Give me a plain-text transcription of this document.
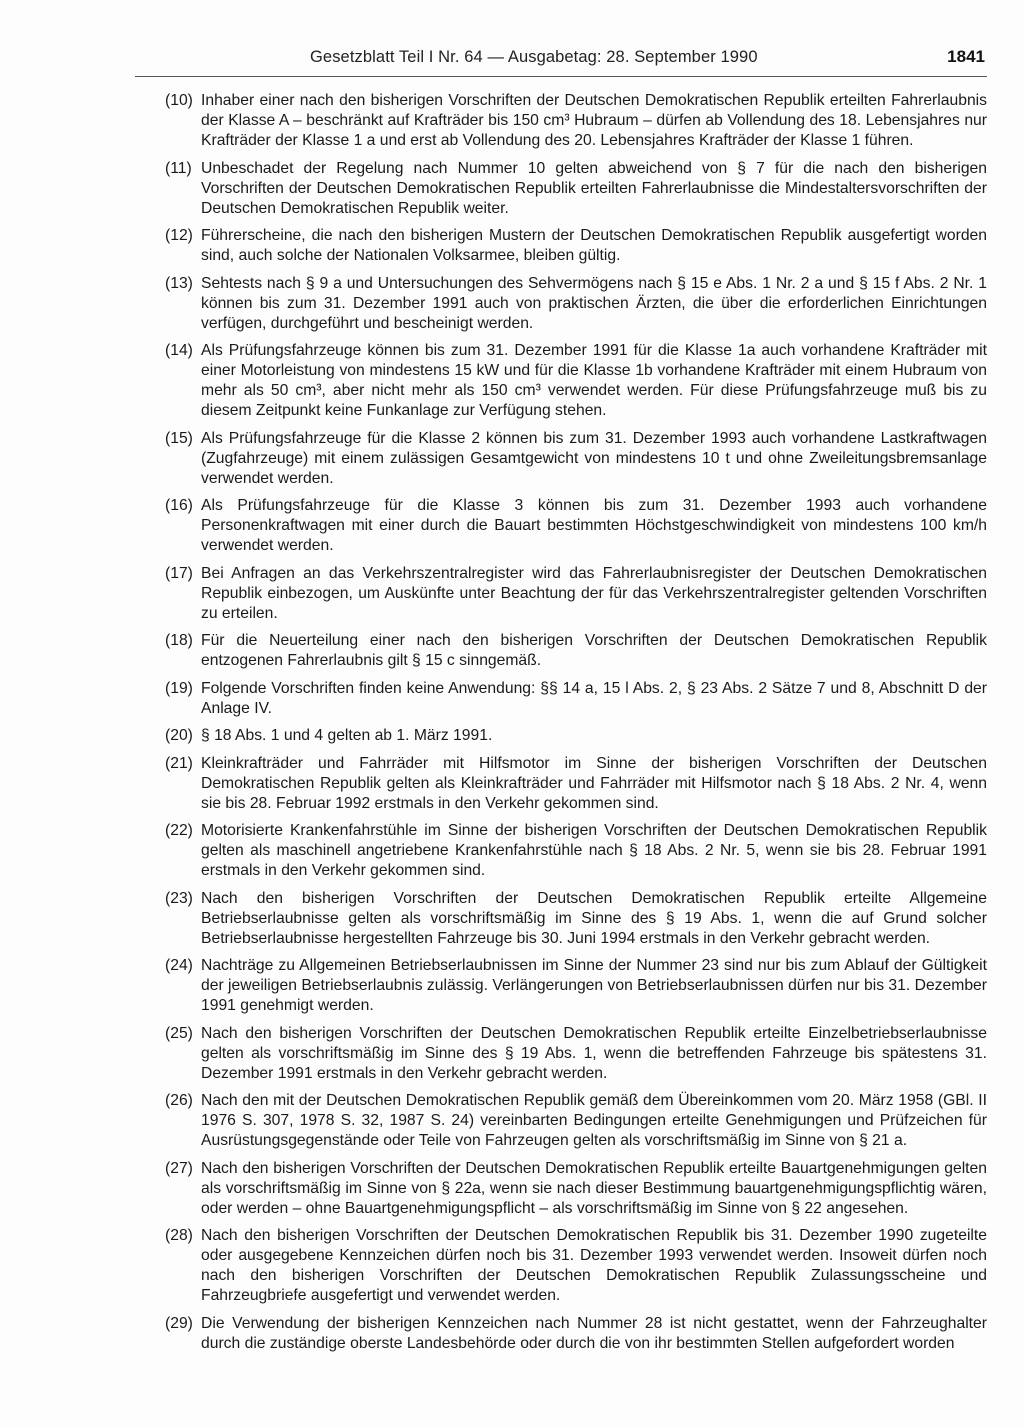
Gesetzblatt Teil I Nr. 64 — Ausgabetag: 28. September 1990	1841
(10) Inhaber einer nach den bisherigen Vorschriften der Deutschen Demokratischen Republik erteilten Fahrerlaubnis der Klasse A – beschränkt auf Krafträder bis 150 cm³ Hubraum – dürfen ab Vollendung des 18. Lebensjahres nur Krafträder der Klasse 1 a und erst ab Vollendung des 20. Lebensjahres Krafträder der Klasse 1 führen.
(11) Unbeschadet der Regelung nach Nummer 10 gelten abweichend von § 7 für die nach den bisherigen Vorschriften der Deutschen Demokratischen Republik erteilten Fahrerlaubnisse die Mindestaltersvorschriften der Deutschen Demokratischen Republik weiter.
(12) Führerscheine, die nach den bisherigen Mustern der Deutschen Demokratischen Republik ausgefertigt worden sind, auch solche der Nationalen Volksarmee, bleiben gültig.
(13) Sehtests nach § 9 a und Untersuchungen des Sehvermögens nach § 15 e Abs. 1 Nr. 2 a und § 15 f Abs. 2 Nr. 1 können bis zum 31. Dezember 1991 auch von praktischen Ärzten, die über die erforderlichen Einrichtungen verfügen, durchgeführt und bescheinigt werden.
(14) Als Prüfungsfahrzeuge können bis zum 31. Dezember 1991 für die Klasse 1a auch vorhandene Krafträder mit einer Motorleistung von mindestens 15 kW und für die Klasse 1b vorhandene Krafträder mit einem Hubraum von mehr als 50 cm³, aber nicht mehr als 150 cm³ verwendet werden. Für diese Prüfungsfahrzeuge muß bis zu diesem Zeitpunkt keine Funkanlage zur Verfügung stehen.
(15) Als Prüfungsfahrzeuge für die Klasse 2 können bis zum 31. Dezember 1993 auch vorhandene Lastkraftwagen (Zugfahrzeuge) mit einem zulässigen Gesamtgewicht von mindestens 10 t und ohne Zweileitungsbremsanlage verwendet werden.
(16) Als Prüfungsfahrzeuge für die Klasse 3 können bis zum 31. Dezember 1993 auch vorhandene Personenkraftwagen mit einer durch die Bauart bestimmten Höchstgeschwindigkeit von mindestens 100 km/h verwendet werden.
(17) Bei Anfragen an das Verkehrszentralregister wird das Fahrerlaubnisregister der Deutschen Demokratischen Republik einbezogen, um Auskünfte unter Beachtung der für das Verkehrszentralregister geltenden Vorschriften zu erteilen.
(18) Für die Neuerteilung einer nach den bisherigen Vorschriften der Deutschen Demokratischen Republik entzogenen Fahrerlaubnis gilt § 15 c sinngemäß.
(19) Folgende Vorschriften finden keine Anwendung: §§ 14 a, 15 l Abs. 2, § 23 Abs. 2 Sätze 7 und 8, Abschnitt D der Anlage IV.
(20) § 18 Abs. 1 und 4 gelten ab 1. März 1991.
(21) Kleinkrafträder und Fahrräder mit Hilfsmotor im Sinne der bisherigen Vorschriften der Deutschen Demokratischen Republik gelten als Kleinkrafträder und Fahrräder mit Hilfsmotor nach § 18 Abs. 2 Nr. 4, wenn sie bis 28. Februar 1992 erstmals in den Verkehr gekommen sind.
(22) Motorisierte Krankenfahrstühle im Sinne der bisherigen Vorschriften der Deutschen Demokratischen Republik gelten als maschinell angetriebene Krankenfahrstühle nach § 18 Abs. 2 Nr. 5, wenn sie bis 28. Februar 1991 erstmals in den Verkehr gekommen sind.
(23) Nach den bisherigen Vorschriften der Deutschen Demokratischen Republik erteilte Allgemeine Betriebserlaubnisse gelten als vorschriftsmäßig im Sinne des § 19 Abs. 1, wenn die auf Grund solcher Betriebserlaubnisse hergestellten Fahrzeuge bis 30. Juni 1994 erstmals in den Verkehr gebracht werden.
(24) Nachträge zu Allgemeinen Betriebserlaubnissen im Sinne der Nummer 23 sind nur bis zum Ablauf der Gültigkeit der jeweiligen Betriebserlaubnis zulässig. Verlängerungen von Betriebserlaubnissen dürfen nur bis 31. Dezember 1991 genehmigt werden.
(25) Nach den bisherigen Vorschriften der Deutschen Demokratischen Republik erteilte Einzelbetriebserlaubnisse gelten als vorschriftsmäßig im Sinne des § 19 Abs. 1, wenn die betreffenden Fahrzeuge bis spätestens 31. Dezember 1991 erstmals in den Verkehr gebracht werden.
(26) Nach den mit der Deutschen Demokratischen Republik gemäß dem Übereinkommen vom 20. März 1958 (GBl. II 1976 S. 307, 1978 S. 32, 1987 S. 24) vereinbarten Bedingungen erteilte Genehmigungen und Prüfzeichen für Ausrüstungsgegenstände oder Teile von Fahrzeugen gelten als vorschriftsmäßig im Sinne von § 21 a.
(27) Nach den bisherigen Vorschriften der Deutschen Demokratischen Republik erteilte Bauartgenehmigungen gelten als vorschriftsmäßig im Sinne von § 22a, wenn sie nach dieser Bestimmung bauartgenehmigungspflichtig wären, oder werden – ohne Bauartgenehmigungspflicht – als vorschriftsmäßig im Sinne von § 22 angesehen.
(28) Nach den bisherigen Vorschriften der Deutschen Demokratischen Republik bis 31. Dezember 1990 zugeteilte oder ausgegebene Kennzeichen dürfen noch bis 31. Dezember 1993 verwendet werden. Insoweit dürfen noch nach den bisherigen Vorschriften der Deutschen Demokratischen Republik Zulassungsscheine und Fahrzeugbriefe ausgefertigt und verwendet werden.
(29) Die Verwendung der bisherigen Kennzeichen nach Nummer 28 ist nicht gestattet, wenn der Fahrzeughalter durch die zuständige oberste Landesbehörde oder durch die von ihr bestimmten Stellen aufgefordert worden
